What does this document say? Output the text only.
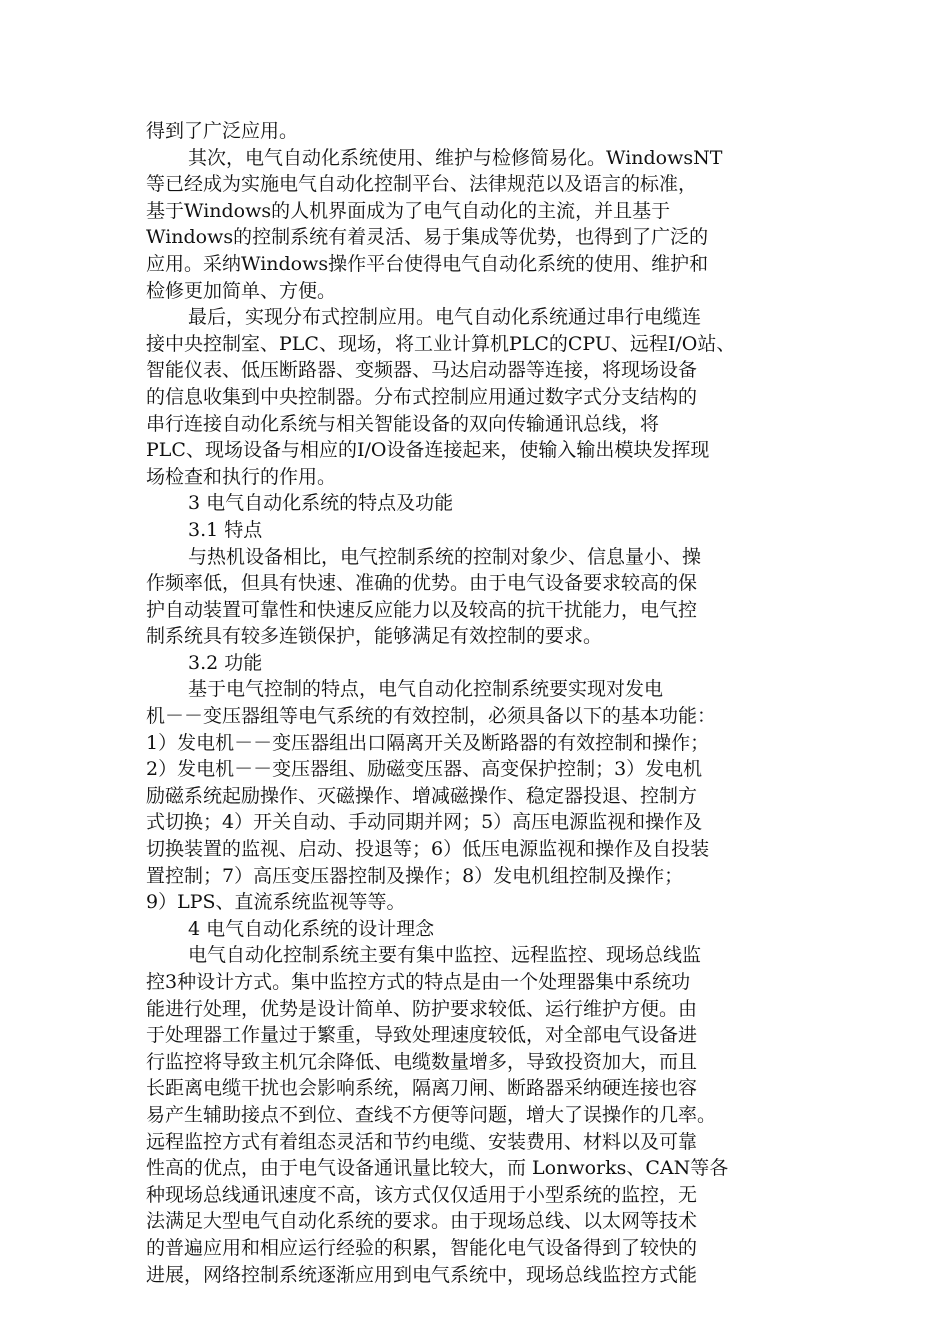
得到了广泛应用。
其次，电气自动化系统使用、维护与检修简易化。WindowsNT
等已经成为实施电气自动化控制平台、法律规范以及语言的标准，
基于Windows的人机界面成为了电气自动化的主流，并且基于
Windows的控制系统有着灵活、易于集成等优势，也得到了广泛的
应用。采纳Windows操作平台使得电气自动化系统的使用、维护和
检修更加简单、方便。
最后，实现分布式控制应用。电气自动化系统通过串行电缆连
接中央控制室、PLC、现场，将工业计算机PLC的CPU、远程I/O站、
智能仪表、低压断路器、变频器、马达启动器等连接，将现场设备
的信息收集到中央控制器。分布式控制应用通过数字式分支结构的
串行连接自动化系统与相关智能设备的双向传输通讯总线，将
PLC、现场设备与相应的I/O设备连接起来，使输入输出模块发挥现
场检查和执行的作用。
3 电气自动化系统的特点及功能
3.1 特点
与热机设备相比，电气控制系统的控制对象少、信息量小、操
作频率低，但具有快速、准确的优势。由于电气设备要求较高的保
护自动装置可靠性和快速反应能力以及较高的抗干扰能力，电气控
制系统具有较多连锁保护，能够满足有效控制的要求。
3.2 功能
基于电气控制的特点，电气自动化控制系统要实现对发电
机－－变压器组等电气系统的有效控制，必须具备以下的基本功能：
1）发电机－－变压器组出口隔离开关及断路器的有效控制和操作；
2）发电机－－变压器组、励磁变压器、高变保护控制；3）发电机
励磁系统起励操作、灭磁操作、增减磁操作、稳定器投退、控制方
式切换；4）开关自动、手动同期并网；5）高压电源监视和操作及
切换装置的监视、启动、投退等；6）低压电源监视和操作及自投装
置控制；7）高压变压器控制及操作；8）发电机组控制及操作；
9）LPS、直流系统监视等等。
4 电气自动化系统的设计理念
电气自动化控制系统主要有集中监控、远程监控、现场总线监
控3种设计方式。集中监控方式的特点是由一个处理器集中系统功
能进行处理，优势是设计简单、防护要求较低、运行维护方便。由
于处理器工作量过于繁重，导致处理速度较低，对全部电气设备进
行监控将导致主机冗余降低、电缆数量增多，导致投资加大，而且
长距离电缆干扰也会影响系统，隔离刀闸、断路器采纳硬连接也容
易产生辅助接点不到位、查线不方便等问题，增大了误操作的几率。
远程监控方式有着组态灵活和节约电缆、安装费用、材料以及可靠
性高的优点，由于电气设备通讯量比较大，而 Lonworks、CAN等各
种现场总线通讯速度不高，该方式仅仅适用于小型系统的监控，无
法满足大型电气自动化系统的要求。由于现场总线、以太网等技术
的普遍应用和相应运行经验的积累，智能化电气设备得到了较快的
进展，网络控制系统逐渐应用到电气系统中，现场总线监控方式能
